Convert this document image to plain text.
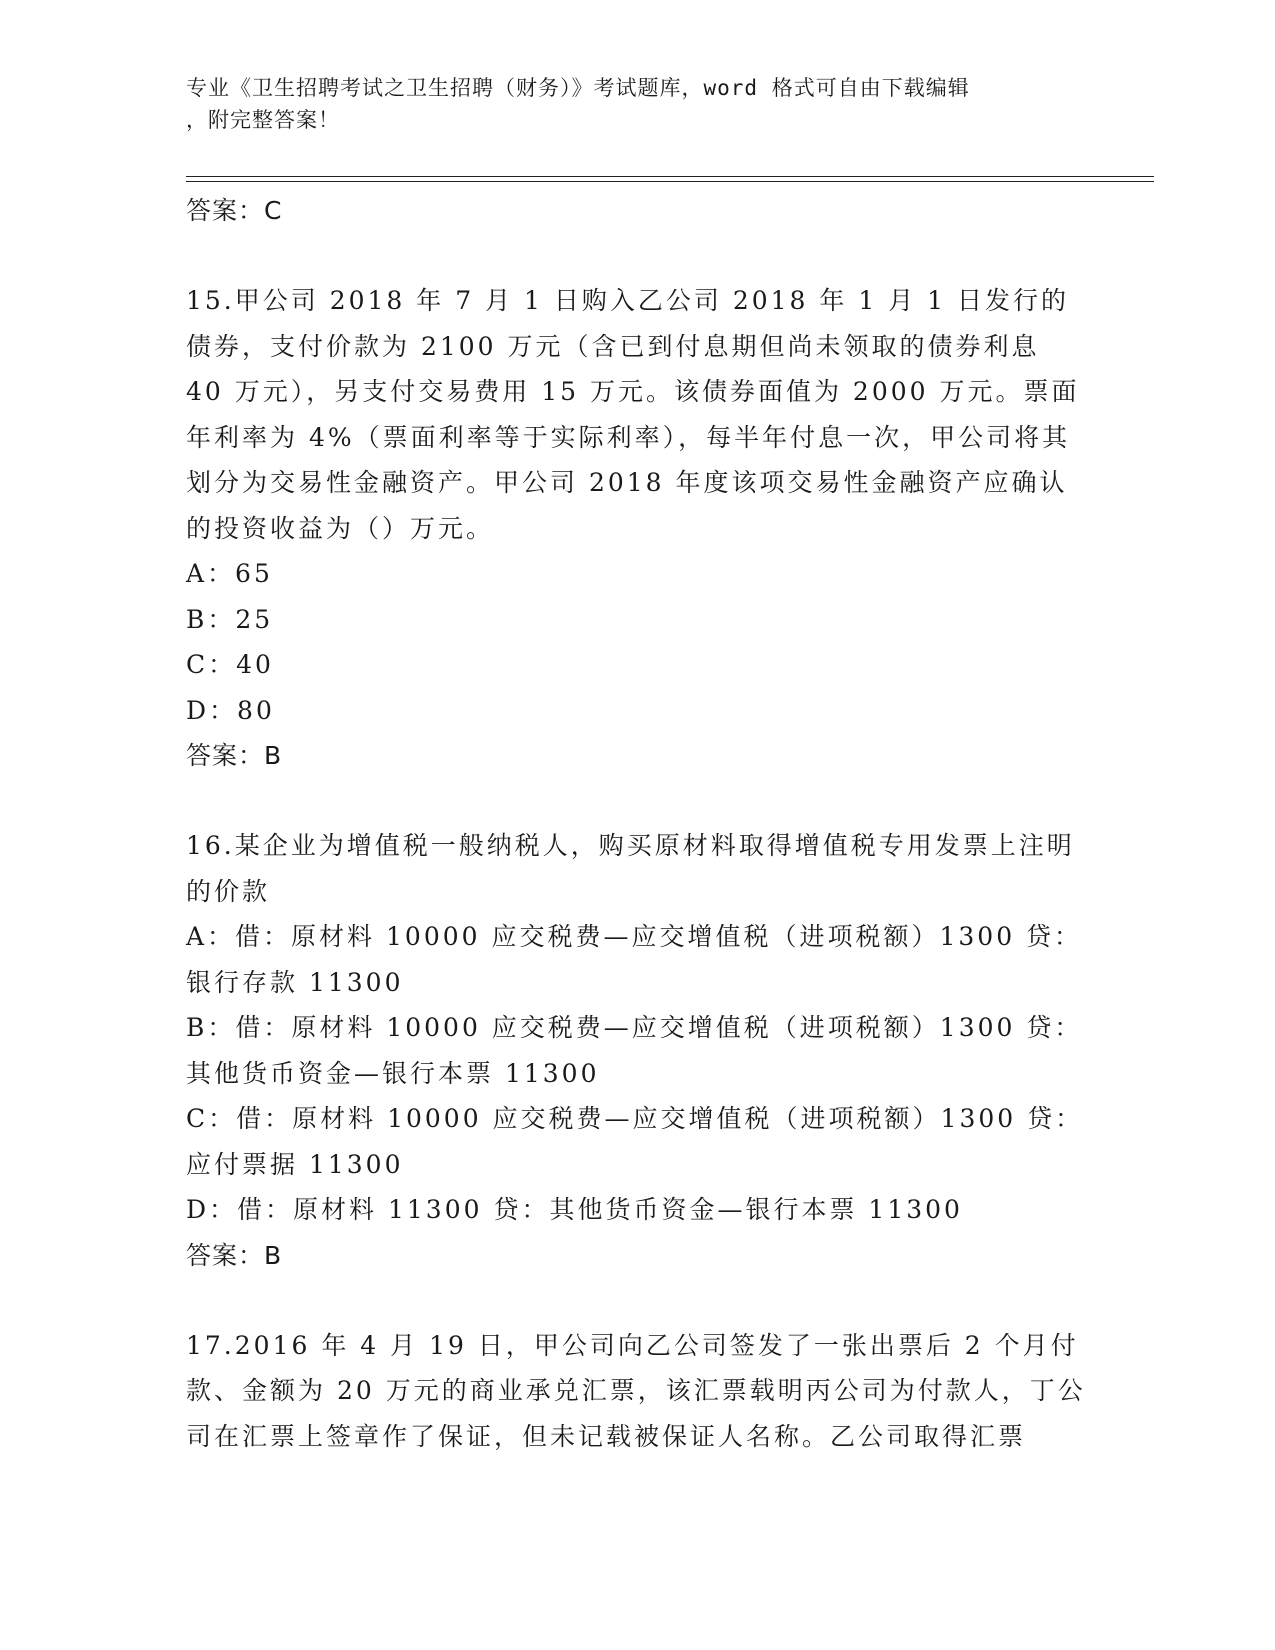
专业《卫生招聘考试之卫生招聘（财务）》考试题库，word 格式可自由下载编辑
，附完整答案！
答案：C

15.甲公司 2018 年 7 月 1 日购入乙公司 2018 年 1 月 1 日发行的债券，支付价款为 2100 万元（含已到付息期但尚未领取的债券利息 40 万元），另支付交易费用 15 万元。该债券面值为 2000 万元。票面年利率为 4%（票面利率等于实际利率），每半年付息一次，甲公司将其划分为交易性金融资产。甲公司 2018 年度该项交易性金融资产应确认的投资收益为（）万元。

A：65

B：25

C：40

D：80

答案：B

16.某企业为增值税一般纳税人，购买原材料取得增值税专用发票上注明的价款

A：借：原材料 10000 应交税费—应交增值税（进项税额）1300 贷：银行存款 11300

B：借：原材料 10000 应交税费—应交增值税（进项税额）1300 贷：其他货币资金—银行本票 11300

C：借：原材料 10000 应交税费—应交增值税（进项税额）1300 贷：应付票据 11300

D：借：原材料 11300 贷：其他货币资金—银行本票 11300

答案：B

17.2016 年 4 月 19 日，甲公司向乙公司签发了一张出票后 2 个月付款、金额为 20 万元的商业承兑汇票，该汇票载明丙公司为付款人，丁公司在汇票上签章作了保证，但未记载被保证人名称。乙公司取得汇票
